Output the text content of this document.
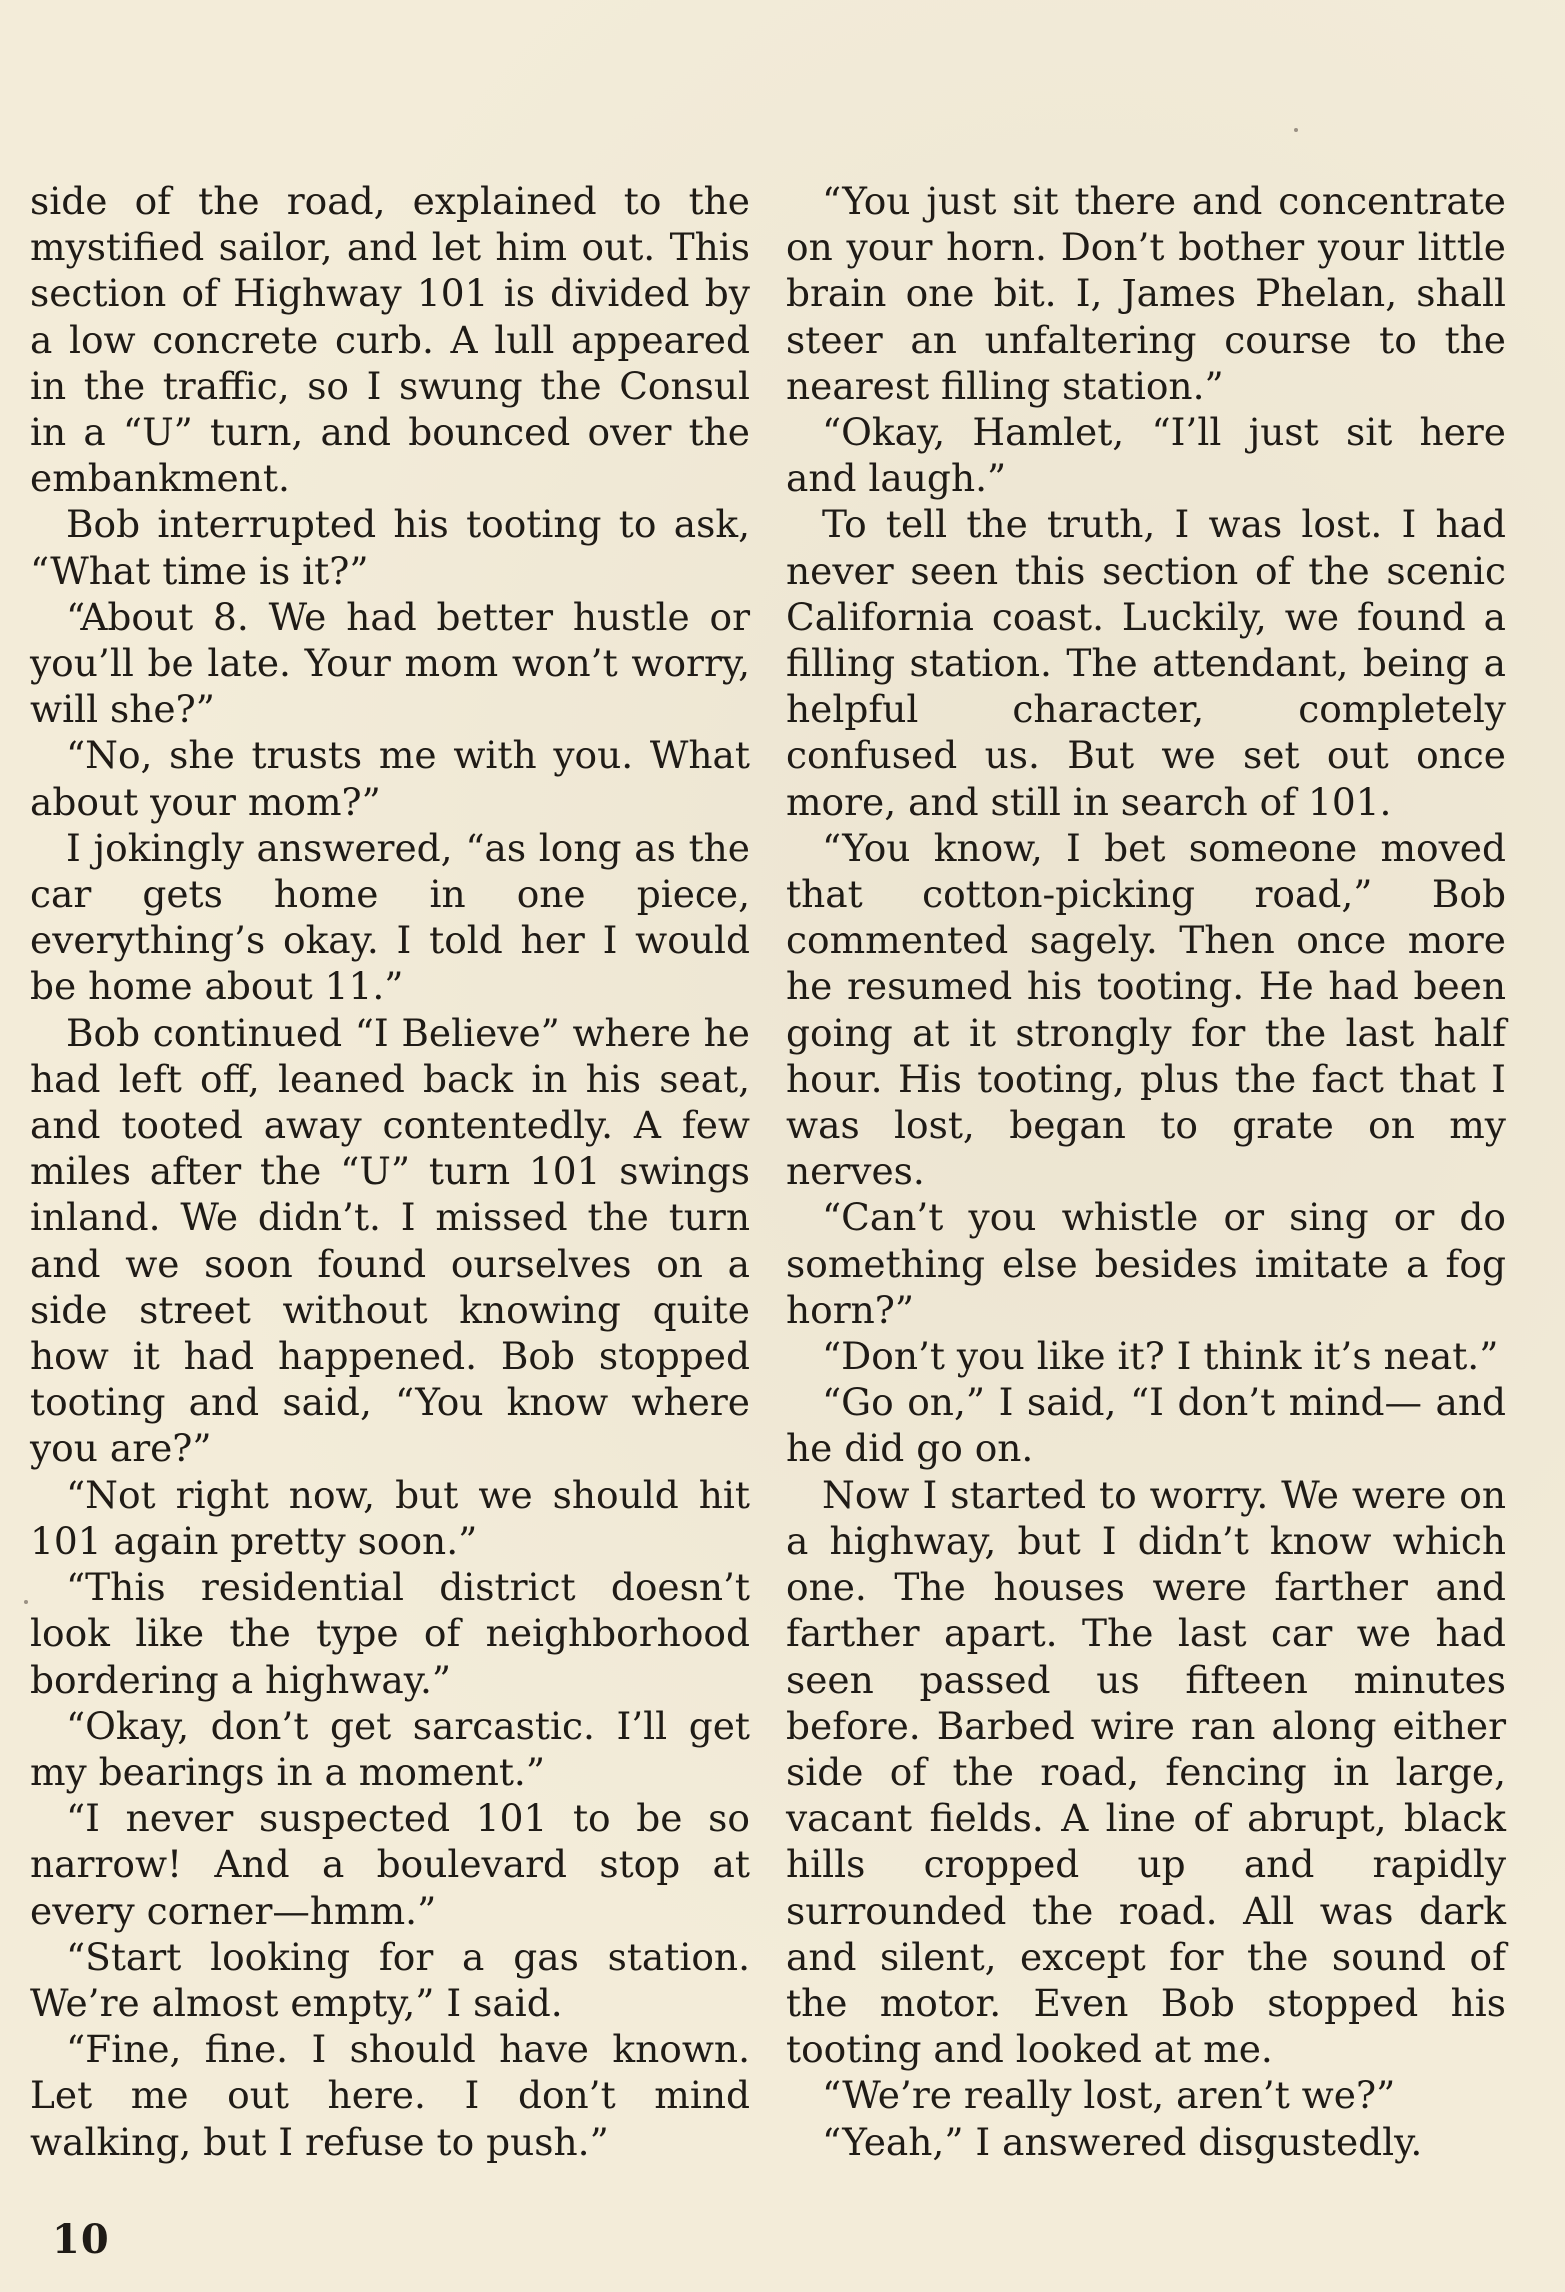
side of the road, explained to the mystified sailor, and let him out. This section of Highway 101 is divided by a low concrete curb. A lull appeared in the traffic, so I swung the Consul in a “U” turn, and bounced over the embankment.

Bob interrupted his tooting to ask, “What time is it?”

“About 8. We had better hustle or you’ll be late. Your mom won’t worry, will she?”

“No, she trusts me with you. What about your mom?”

I jokingly answered, “as long as the car gets home in one piece, everything’s okay. I told her I would be home about 11.”

Bob continued “I Believe” where he had left off, leaned back in his seat, and tooted away contentedly. A few miles after the “U” turn 101 swings inland. We didn’t. I missed the turn and we soon found ourselves on a side street without knowing quite how it had happened. Bob stopped tooting and said, “You know where you are?”

“Not right now, but we should hit 101 again pretty soon.”

“This residential district doesn’t look like the type of neighborhood bordering a highway.”

“Okay, don’t get sarcastic. I’ll get my bearings in a moment.”

“I never suspected 101 to be so narrow! And a boulevard stop at every corner—hmm.”

“Start looking for a gas station. We’re almost empty,” I said.

“Fine, fine. I should have known. Let me out here. I don’t mind walking, but I refuse to push.”

“You just sit there and concentrate on your horn. Don’t bother your little brain one bit. I, James Phelan, shall steer an unfaltering course to the nearest filling station.”

“Okay, Hamlet, “I’ll just sit here and laugh.”

To tell the truth, I was lost. I had never seen this section of the scenic California coast. Luckily, we found a filling station. The attendant, being a helpful character, completely confused us. But we set out once more, and still in search of 101.

“You know, I bet someone moved that cotton-picking road,” Bob commented sagely. Then once more he resumed his tooting. He had been going at it strongly for the last half hour. His tooting, plus the fact that I was lost, began to grate on my nerves.

“Can’t you whistle or sing or do something else besides imitate a fog horn?”

“Don’t you like it? I think it’s neat.”

“Go on,” I said, “I don’t mind— and he did go on.

Now I started to worry. We were on a highway, but I didn’t know which one. The houses were farther and farther apart. The last car we had seen passed us fifteen minutes before. Barbed wire ran along either side of the road, fencing in large, vacant fields. A line of abrupt, black hills cropped up and rapidly surrounded the road. All was dark and silent, except for the sound of the motor. Even Bob stopped his tooting and looked at me.

“We’re really lost, aren’t we?”

“Yeah,” I answered disgustedly.

10
